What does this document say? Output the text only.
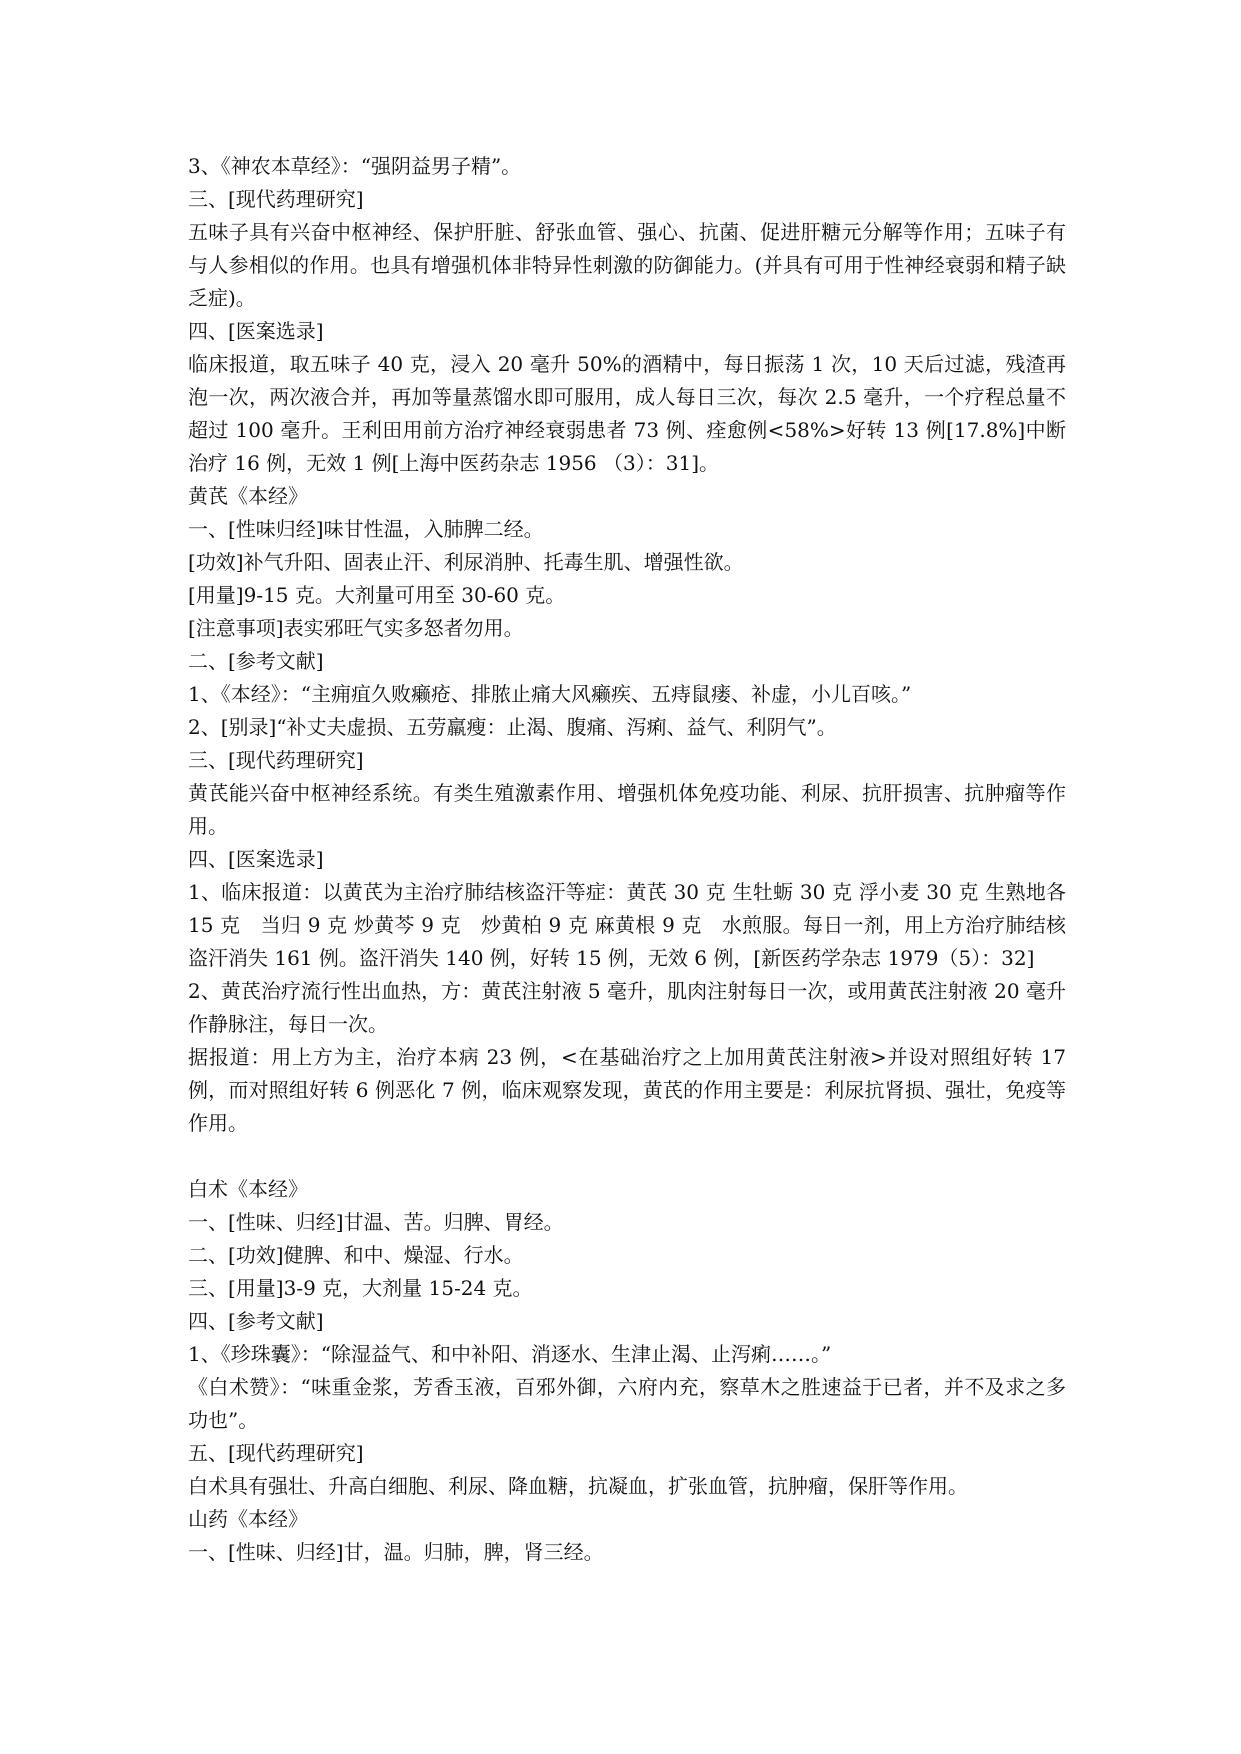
3、《神农本草经》：“强阴益男子精”。

三、[现代药理研究]

五味子具有兴奋中枢神经、保护肝脏、舒张血管、强心、抗菌、促进肝糖元分解等作用；五味子有与人参相似的作用。也具有增强机体非特异性刺激的防御能力。(并具有可用于性神经衰弱和精子缺乏症)。

四、[医案选录]

临床报道，取五味子 40 克，浸入 20 毫升 50%的酒精中，每日振荡 1 次，10 天后过滤，残渣再泡一次，两次液合并，再加等量蒸馏水即可服用，成人每日三次，每次 2.5 毫升，一个疗程总量不超过 100 毫升。王利田用前方治疗神经衰弱患者 73 例、痊愈例<58%>好转 13 例[17.8%]中断治疗 16 例，无效 1 例[上海中医药杂志 1956 （3）：31]。

黄芪《本经》

一、[性味归经]味甘性温，入肺脾二经。

[功效]补气升阳、固表止汗、利尿消肿、托毒生肌、增强性欲。

[用量]9-15 克。大剂量可用至 30-60 克。

[注意事项]表实邪旺气实多怒者勿用。

二、[参考文献]

1、《本经》：“主痈疽久败癞疮、排脓止痛大风癞疾、五痔鼠瘘、补虚，小儿百咳。”

2、[别录]“补丈夫虚损、五劳羸瘦：止渴、腹痛、泻痢、益气、利阴气”。

三、[现代药理研究]

黄芪能兴奋中枢神经系统。有类生殖激素作用、增强机体免疫功能、利尿、抗肝损害、抗肿瘤等作用。

四、[医案选录]

1、临床报道：以黄芪为主治疗肺结核盗汗等症：黄芪 30 克 生牡蛎 30 克 浮小麦 30 克 生熟地各 15 克　当归 9 克 炒黄芩 9 克　炒黄柏 9 克 麻黄根 9 克　水煎服。每日一剂，用上方治疗肺结核盗汗消失 161 例。盗汗消失 140 例，好转 15 例，无效 6 例，[新医药学杂志 1979（5）：32]

2、黄芪治疗流行性出血热，方：黄芪注射液 5 毫升，肌肉注射每日一次，或用黄芪注射液 20 毫升作静脉注，每日一次。

据报道：用上方为主，治疗本病 23 例，<在基础治疗之上加用黄芪注射液>并设对照组好转 17 例，而对照组好转 6 例恶化 7 例，临床观察发现，黄芪的作用主要是：利尿抗肾损、强壮，免疫等作用。

白术《本经》

一、[性味、归经]甘温、苦。归脾、胃经。

二、[功效]健脾、和中、燥湿、行水。

三、[用量]3-9 克，大剂量 15-24 克。

四、[参考文献]

1、《珍珠囊》：“除湿益气、和中补阳、消逐水、生津止渴、止泻痢……。”

《白术赞》：“味重金浆，芳香玉液，百邪外御，六府内充，察草木之胜速益于已者，并不及求之多功也”。

五、[现代药理研究]

白术具有强壮、升高白细胞、利尿、降血糖，抗凝血，扩张血管，抗肿瘤，保肝等作用。

山药《本经》

一、[性味、归经]甘，温。归肺，脾，肾三经。
